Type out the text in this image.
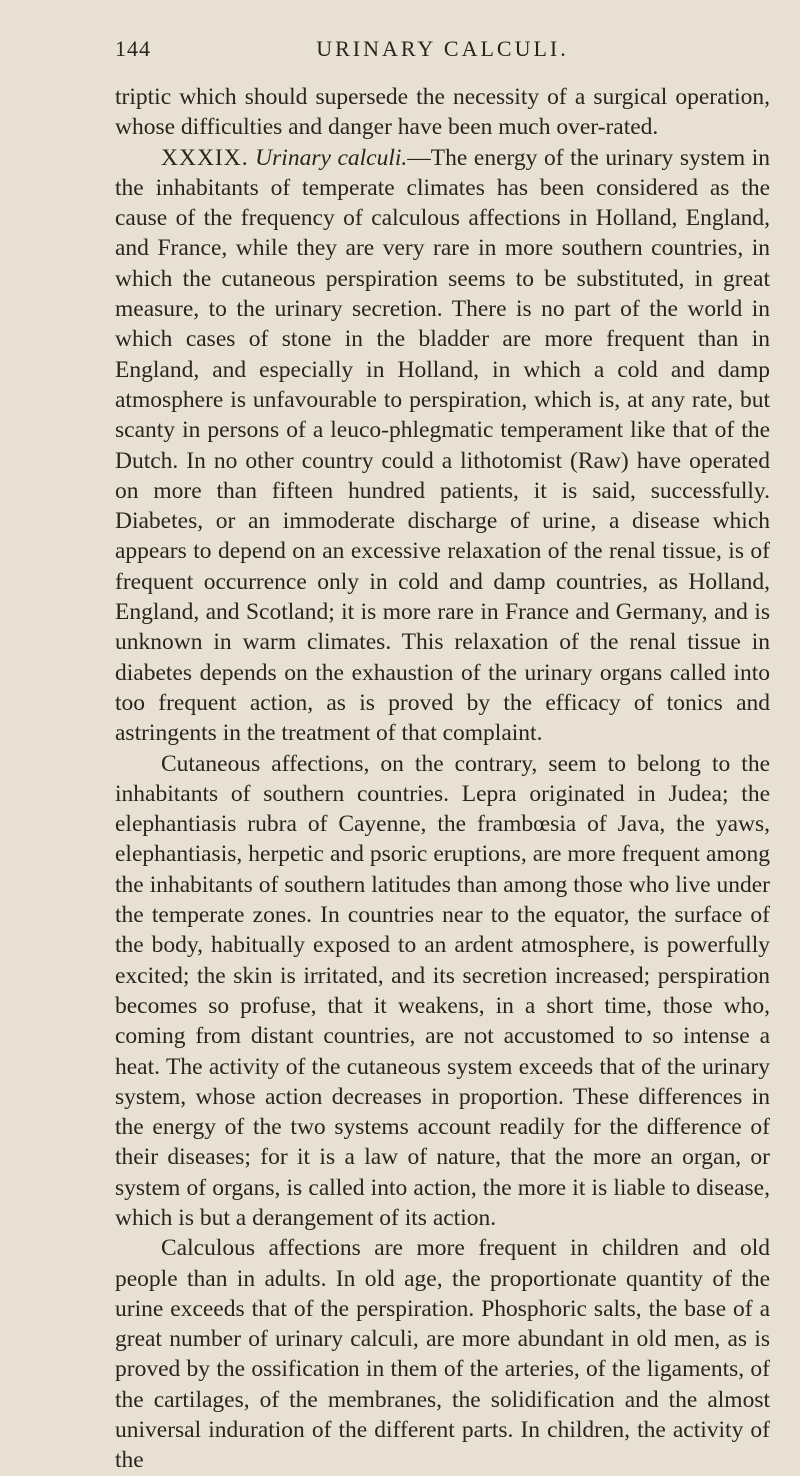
144	URINARY CALCULI.

triptic which should supersede the necessity of a surgical operation, whose difficulties and danger have been much over-rated.

XXXIX. Urinary calculi.—The energy of the urinary system in the inhabitants of temperate climates has been considered as the cause of the frequency of calculous affections in Holland, England, and France, while they are very rare in more southern countries, in which the cutaneous perspiration seems to be substituted, in great measure, to the urinary secretion. There is no part of the world in which cases of stone in the bladder are more frequent than in England, and especially in Holland, in which a cold and damp atmosphere is unfavourable to perspiration, which is, at any rate, but scanty in persons of a leuco-phlegmatic temperament like that of the Dutch. In no other country could a lithotomist (Raw) have operated on more than fifteen hundred patients, it is said, successfully. Diabetes, or an immoderate discharge of urine, a disease which appears to depend on an excessive relaxation of the renal tissue, is of frequent occurrence only in cold and damp countries, as Holland, England, and Scotland; it is more rare in France and Germany, and is unknown in warm climates. This relaxation of the renal tissue in diabetes depends on the exhaustion of the urinary organs called into too frequent action, as is proved by the efficacy of tonics and astringents in the treatment of that complaint.

Cutaneous affections, on the contrary, seem to belong to the inhabitants of southern countries. Lepra originated in Judea; the elephantiasis rubra of Cayenne, the frambœsia of Java, the yaws, elephantiasis, herpetic and psoric eruptions, are more frequent among the inhabitants of southern latitudes than among those who live under the temperate zones. In countries near to the equator, the surface of the body, habitually exposed to an ardent atmosphere, is powerfully excited; the skin is irritated, and its secretion increased; perspiration becomes so profuse, that it weakens, in a short time, those who, coming from distant countries, are not accustomed to so intense a heat. The activity of the cutaneous system exceeds that of the urinary system, whose action decreases in proportion. These differences in the energy of the two systems account readily for the difference of their diseases; for it is a law of nature, that the more an organ, or system of organs, is called into action, the more it is liable to disease, which is but a derangement of its action.

Calculous affections are more frequent in children and old people than in adults. In old age, the proportionate quantity of the urine exceeds that of the perspiration. Phosphoric salts, the base of a great number of urinary calculi, are more abundant in old men, as is proved by the ossification in them of the arteries, of the ligaments, of the cartilages, of the membranes, the solidification and the almost universal induration of the different parts. In children, the activity of the
